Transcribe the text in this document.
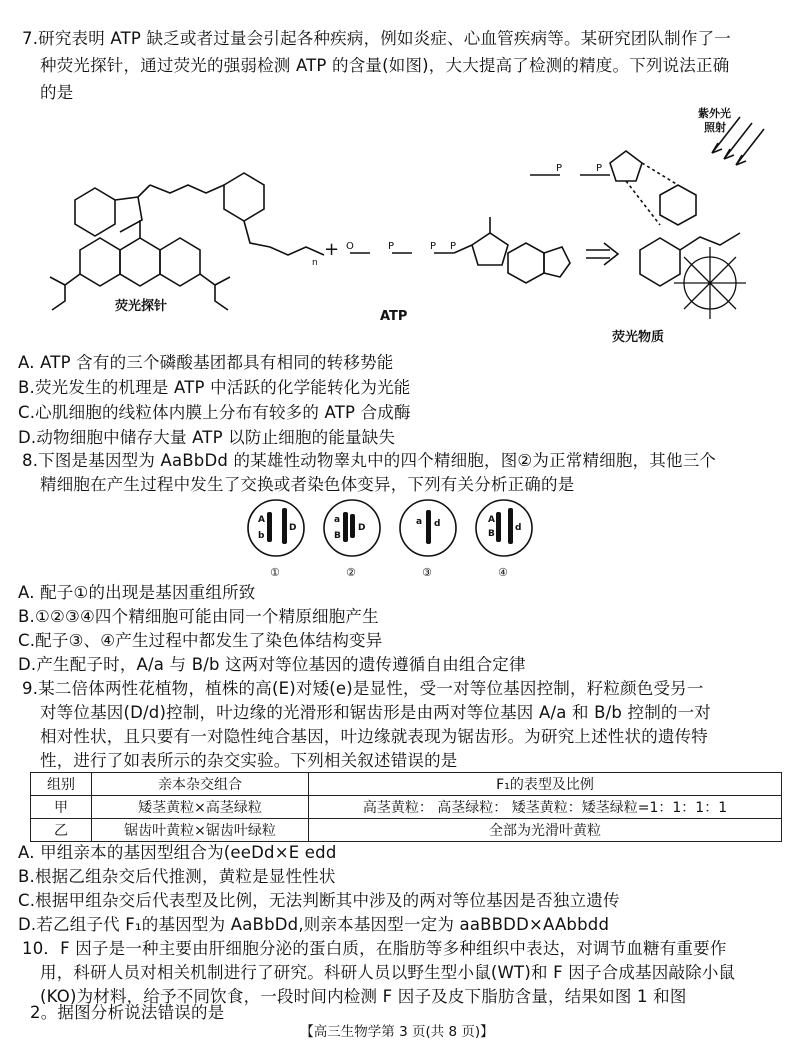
7.研究表明 ATP 缺乏或者过量会引起各种疾病，例如炎症、心血管疾病等。某研究团队制作了一
种荧光探针，通过荧光的强弱检测 ATP 的含量(如图)，大大提高了检测的精度。下列说法正确
的是
O	P	P P
P	P
+
n
荧光探针
ATP
荧光物质
紫外光
照射
A. ATP 含有的三个磷酸基团都具有相同的转移势能
B.荧光发生的机理是 ATP 中活跃的化学能转化为光能
C.心肌细胞的线粒体内膜上分布有较多的 ATP 合成酶
D.动物细胞中储存大量 ATP 以防止细胞的能量缺失
8.下图是基因型为 AaBbDd 的某雄性动物睾丸中的四个精细胞，图②为正常精细胞，其他三个
精细胞在产生过程中发生了交换或者染色体变异，下列有关分析正确的是
A
b
D
a
B
D
a d	A
B
d
①	②	③	④
A. 配子①的出现是基因重组所致
B.①②③④四个精细胞可能由同一个精原细胞产生
C.配子③、④产生过程中都发生了染色体结构变异
D.产生配子时，A/a 与 B/b 这两对等位基因的遗传遵循自由组合定律
9.某二倍体两性花植物，植株的高(E)对矮(e)是显性，受一对等位基因控制，籽粒颜色受另一
对等位基因(D/d)控制，叶边缘的光滑形和锯齿形是由两对等位基因 A/a 和 B/b 控制的一对
相对性状，且只要有一对隐性纯合基因，叶边缘就表现为锯齿形。为研究上述性状的遗传特
性，进行了如表所示的杂交实验。下列相关叙述错误的是
组别	亲本杂交组合	F₁的表型及比例
甲	矮茎黄粒×高茎绿粒	高茎黄粒： 高茎绿粒： 矮茎黄粒：矮茎绿粒=1：1：1：1
乙	锯齿叶黄粒×锯齿叶绿粒	全部为光滑叶黄粒
A. 甲组亲本的基因型组合为(eeDd×E edd
B.根据乙组杂交后代推测，黄粒是显性性状
C.根据甲组杂交后代表型及比例，无法判断其中涉及的两对等位基因是否独立遗传
D.若乙组子代 F₁的基因型为 AaBbDd,则亲本基因型一定为 aaBBDD×AAbbdd
10．F 因子是一种主要由肝细胞分泌的蛋白质，在脂肪等多种组织中表达，对调节血糖有重要作
用，科研人员对相关机制进行了研究。科研人员以野生型小鼠(WT)和 F 因子合成基因敲除小鼠
(KO)为材料，给予不同饮食，一段时间内检测 F 因子及皮下脂肪含量，结果如图 1 和图
2。据图分析说法错误的是
【高三生物学第 3 页(共 8 页)】
